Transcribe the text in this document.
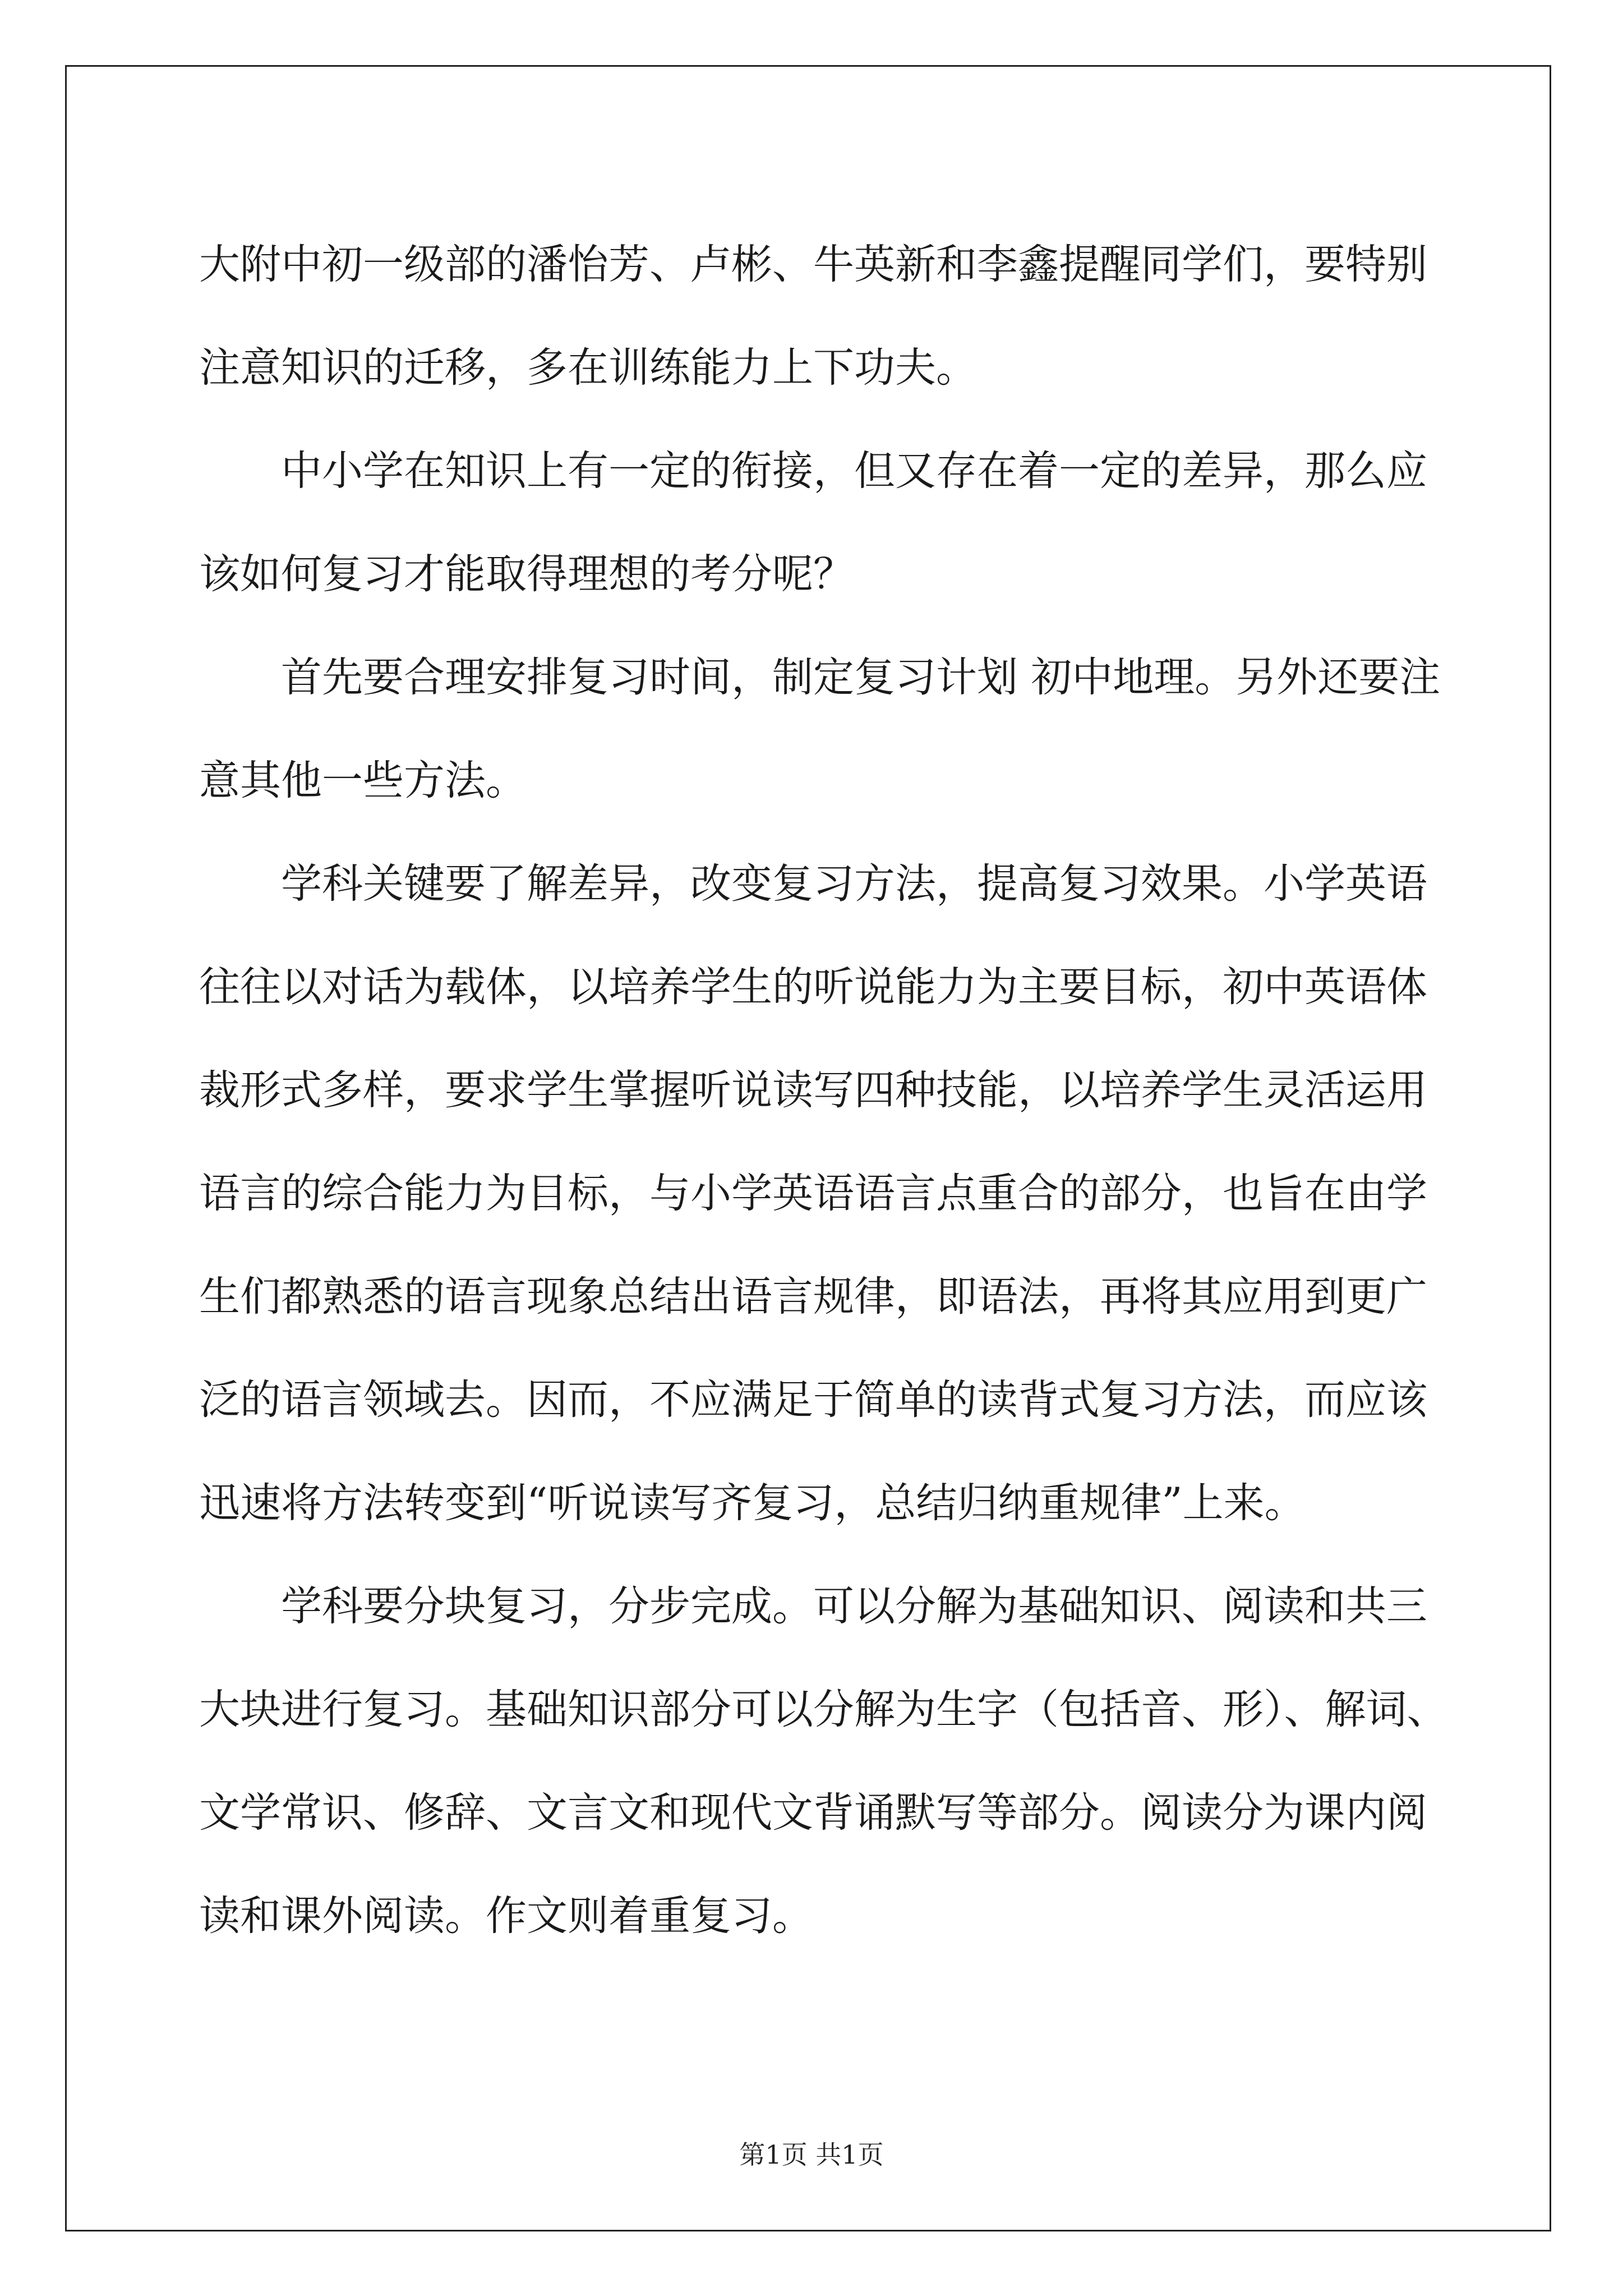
大附中初一级部的潘怡芳、卢彬、牛英新和李鑫提醒同学们，要特别
注意知识的迁移，多在训练能力上下功夫。
中小学在知识上有一定的衔接，但又存在着一定的差异，那么应
该如何复习才能取得理想的考分呢？
首先要合理安排复习时间，制定复习计划 初中地理。另外还要注
意其他一些方法。
学科关键要了解差异，改变复习方法，提高复习效果。小学英语
往往以对话为载体，以培养学生的听说能力为主要目标，初中英语体
裁形式多样，要求学生掌握听说读写四种技能，以培养学生灵活运用
语言的综合能力为目标，与小学英语语言点重合的部分，也旨在由学
生们都熟悉的语言现象总结出语言规律，即语法，再将其应用到更广
泛的语言领域去。因而，不应满足于简单的读背式复习方法，而应该
迅速将方法转变到“听说读写齐复习，总结归纳重规律”上来。
学科要分块复习，分步完成。可以分解为基础知识、阅读和共三
大块进行复习。基础知识部分可以分解为生字（包括音、形）、解词、
文学常识、修辞、文言文和现代文背诵默写等部分。阅读分为课内阅
读和课外阅读。作文则着重复习。
第1页 共1页
